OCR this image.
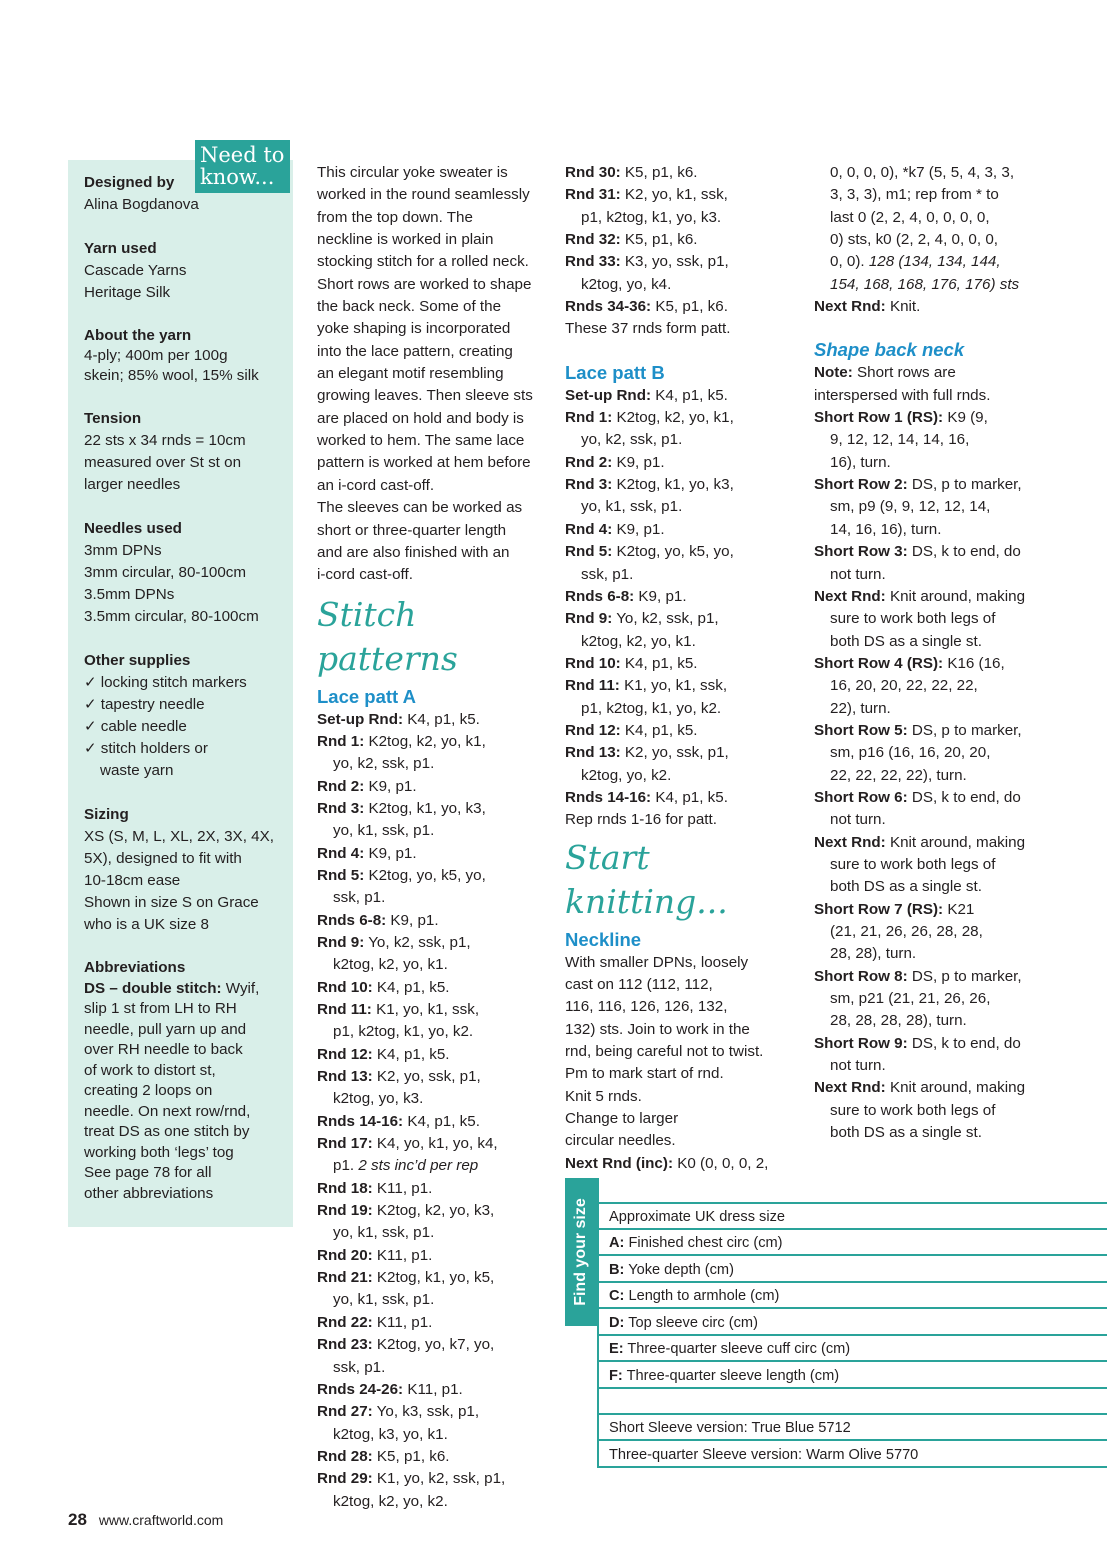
Need to
know...
Designed by
Alina Bogdanova
Yarn used
Cascade Yarns
Heritage Silk
About the yarn
4-ply; 400m per 100g
skein; 85% wool, 15% silk
Tension
22 sts x 34 rnds = 10cm
measured over St st on
larger needles
Needles used
3mm DPNs
3mm circular, 80-100cm
3.5mm DPNs
3.5mm circular, 80-100cm
Other supplies
✓ locking stitch markers
✓ tapestry needle
✓ cable needle
✓ stitch holders or
waste yarn
Sizing
XS (S, M, L, XL, 2X, 3X, 4X,
5X), designed to fit with
10-18cm ease
Shown in size S on Grace
who is a UK size 8
Abbreviations
DS – double stitch: Wyif,
slip 1 st from LH to RH
needle, pull yarn up and
over RH needle to back
of work to distort st,
creating 2 loops on
needle. On next row/rnd,
treat DS as one stitch by
working both ‘legs’ tog
See page 78 for all
other abbreviations
This circular yoke sweater is
worked in the round seamlessly
from the top down. The
neckline is worked in plain
stocking stitch for a rolled neck.
Short rows are worked to shape
the back neck. Some of the
yoke shaping is incorporated
into the lace pattern, creating
an elegant motif resembling
growing leaves. Then sleeve sts
are placed on hold and body is
worked to hem. The same lace
pattern is worked at hem before
an i-cord cast-off.
The sleeves can be worked as
short or three-quarter length
and are also finished with an
i-cord cast-off.
Stitch patterns
Lace patt A
Set-up Rnd: K4, p1, k5.
Rnd 1: K2tog, k2, yo, k1,
yo, k2, ssk, p1.
Rnd 2: K9, p1.
Rnd 3: K2tog, k1, yo, k3,
yo, k1, ssk, p1.
Rnd 4: K9, p1.
Rnd 5: K2tog, yo, k5, yo,
ssk, p1.
Rnds 6-8: K9, p1.
Rnd 9: Yo, k2, ssk, p1,
k2tog, k2, yo, k1.
Rnd 10: K4, p1, k5.
Rnd 11: K1, yo, k1, ssk,
p1, k2tog, k1, yo, k2.
Rnd 12: K4, p1, k5.
Rnd 13: K2, yo, ssk, p1,
k2tog, yo, k3.
Rnds 14-16: K4, p1, k5.
Rnd 17: K4, yo, k1, yo, k4,
p1. 2 sts inc’d per rep
Rnd 18: K11, p1.
Rnd 19: K2tog, k2, yo, k3,
yo, k1, ssk, p1.
Rnd 20: K11, p1.
Rnd 21: K2tog, k1, yo, k5,
yo, k1, ssk, p1.
Rnd 22: K11, p1.
Rnd 23: K2tog, yo, k7, yo,
ssk, p1.
Rnds 24-26: K11, p1.
Rnd 27: Yo, k3, ssk, p1,
k2tog, k3, yo, k1.
Rnd 28: K5, p1, k6.
Rnd 29: K1, yo, k2, ssk, p1,
k2tog, k2, yo, k2.
Rnd 30: K5, p1, k6.
Rnd 31: K2, yo, k1, ssk,
p1, k2tog, k1, yo, k3.
Rnd 32: K5, p1, k6.
Rnd 33: K3, yo, ssk, p1,
k2tog, yo, k4.
Rnds 34-36: K5, p1, k6.
These 37 rnds form patt.
Lace patt B
Set-up Rnd: K4, p1, k5.
Rnd 1: K2tog, k2, yo, k1,
yo, k2, ssk, p1.
Rnd 2: K9, p1.
Rnd 3: K2tog, k1, yo, k3,
yo, k1, ssk, p1.
Rnd 4: K9, p1.
Rnd 5: K2tog, yo, k5, yo,
ssk, p1.
Rnds 6-8: K9, p1.
Rnd 9: Yo, k2, ssk, p1,
k2tog, k2, yo, k1.
Rnd 10: K4, p1, k5.
Rnd 11: K1, yo, k1, ssk,
p1, k2tog, k1, yo, k2.
Rnd 12: K4, p1, k5.
Rnd 13: K2, yo, ssk, p1,
k2tog, yo, k2.
Rnds 14-16: K4, p1, k5.
Rep rnds 1-16 for patt.
Start knitting...
Neckline
With smaller DPNs, loosely
cast on 112 (112, 112,
116, 116, 126, 126, 132,
132) sts. Join to work in the
rnd, being careful not to twist.
Pm to mark start of rnd.
Knit 5 rnds.
Change to larger
circular needles.
Next Rnd (inc): K0 (0, 0, 0, 2,
0, 0, 0, 0), *k7 (5, 5, 4, 3, 3,
3, 3, 3), m1; rep from * to
last 0 (2, 2, 4, 0, 0, 0, 0,
0) sts, k0 (2, 2, 4, 0, 0, 0,
0, 0). 128 (134, 134, 144,
154, 168, 168, 176, 176) sts
Next Rnd: Knit.
Shape back neck
Note: Short rows are
interspersed with full rnds.
Short Row 1 (RS): K9 (9,
9, 12, 12, 14, 14, 16,
16), turn.
Short Row 2: DS, p to marker,
sm, p9 (9, 9, 12, 12, 14,
14, 16, 16), turn.
Short Row 3: DS, k to end, do
not turn.
Next Rnd: Knit around, making
sure to work both legs of
both DS as a single st.
Short Row 4 (RS): K16 (16,
16, 20, 20, 22, 22, 22,
22), turn.
Short Row 5: DS, p to marker,
sm, p16 (16, 16, 20, 20,
22, 22, 22, 22), turn.
Short Row 6: DS, k to end, do
not turn.
Next Rnd: Knit around, making
sure to work both legs of
both DS as a single st.
Short Row 7 (RS): K21
(21, 21, 26, 26, 28, 28,
28, 28), turn.
Short Row 8: DS, p to marker,
sm, p21 (21, 21, 26, 26,
28, 28, 28, 28), turn.
Short Row 9: DS, k to end, do
not turn.
Next Rnd: Knit around, making
sure to work both legs of
both DS as a single st.
Find your size	Approximate UK dress size
A: Finished chest circ (cm)
B: Yoke depth (cm)
C: Length to armhole (cm)
D: Top sleeve circ (cm)
E: Three-quarter sleeve cuff circ (cm)
F: Three-quarter sleeve length (cm)
Short Sleeve version: True Blue 5712
Three-quarter Sleeve version: Warm Olive 5770
28 www.craftworld.com
